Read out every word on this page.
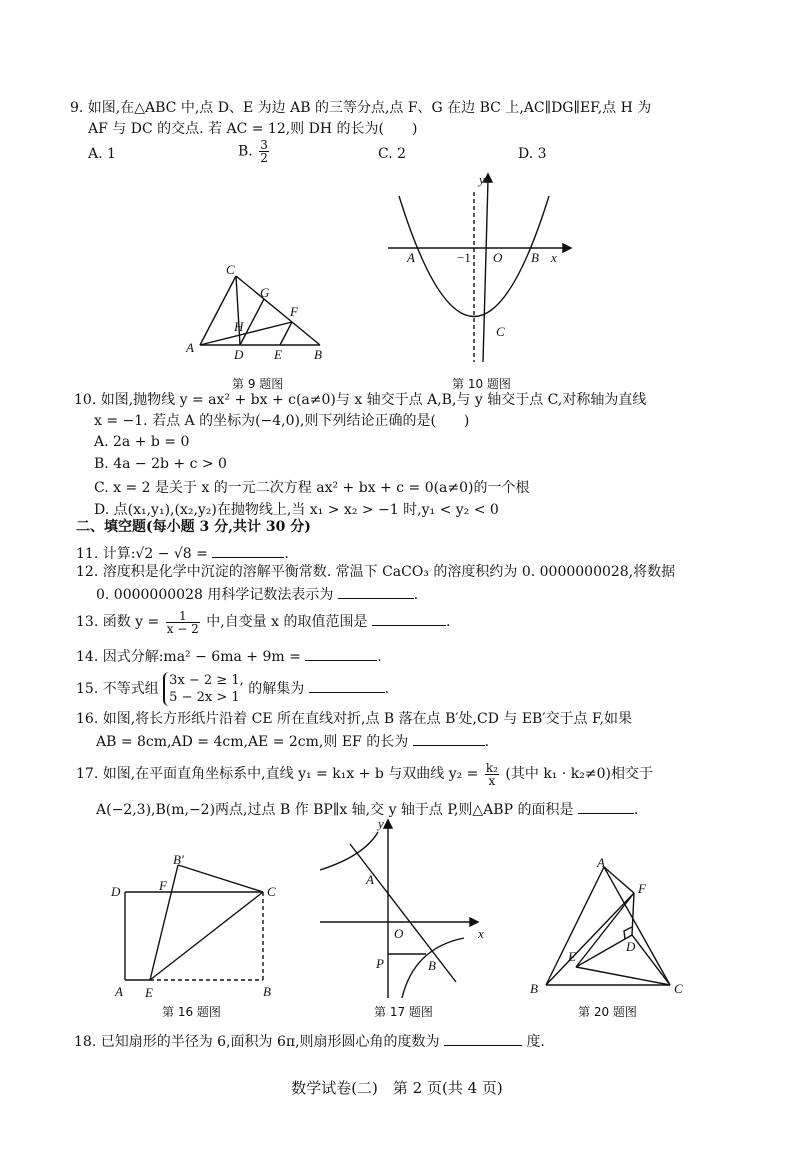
9. 如图,在△ABC 中,点 D、E 为边 AB 的三等分点,点 F、G 在边 BC 上,AC∥DG∥EF,点 H 为
AF 与 DC 的交点. 若 AC = 12,则 DH 的长为(　　)
A. 1	B. $\frac{3}{2}$	C. 2	D. 3
C
G
F
H
A	D E B
第 9 题图
y
x
A	B
O
−1
C
第 10 题图
10. 如图,抛物线 y = ax² + bx + c(a≠0)与 x 轴交于点 A,B,与 y 轴交于点 C,对称轴为直线
x = −1. 若点 A 的坐标为(−4,0),则下列结论正确的是(　　)
A. 2a + b = 0
B. 4a − 2b + c > 0
C. x = 2 是关于 x 的一元二次方程 ax² + bx + c = 0(a≠0)的一个根
D. 点(x₁,y₁),(x₂,y₂)在抛物线上,当 x₁ > x₂ > −1 时,y₁ < y₂ < 0
二、填空题(每小题 3 分,共计 30 分)
11. 计算:√2 − √8 =	.
12. 溶度积是化学中沉淀的溶解平衡常数. 常温下 CaCO₃ 的溶度积约为 0. 0000000028,将数据
0. 0000000028 用科学记数法表示为	.
13. 函数 $y = \frac{1}{x - 2}$ 中,自变量 x 的取值范围是	.
14. 因式分解:ma² − 6ma + 9m =	.
15. 不等式组
3x − 2 ≥ 1,
5 − 2x > 1
的解集为	.
16. 如图,将长方形纸片沿着 CE 所在直线对折,点 B 落在点 B′处,CD 与 EB′交于点 F,如果
AB = 8cm,AD = 4cm,AE = 2cm,则 EF 的长为	.
17. 如图,在平面直角坐标系中,直线 y₁ = k₁x + b 与双曲线 $y_2 = \frac{\text{k₂}}{x}$ (其中 k₁ · k₂≠0)相交于
A(−2,3),B(m,−2)两点,过点 B 作 BP∥x 轴,交 y 轴于点 P,则△ABP 的面积是	.
D	F
B′
C
A E	B
第 16 题图
y
x
A
O
P	B
第 17 题图
A
F
D
E
B	C
第 20 题图
18. 已知扇形的半径为 6,面积为 6π,则扇形圆心角的度数为	度.
数学试卷(二)　第 2 页(共 4 页)
